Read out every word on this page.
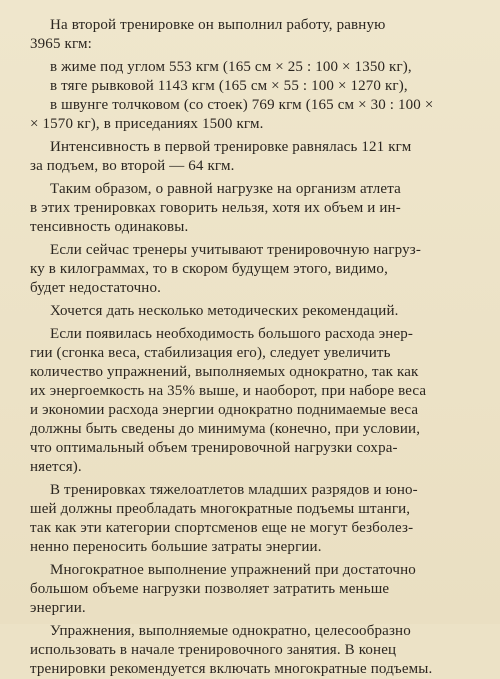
На второй тренировке он выполнил работу, равную
3965 кгм:

в жиме под углом 553 кгм (165 см × 25 : 100 × 1350 кг),
в тяге рывковой 1143 кгм (165 см × 55 : 100 × 1270 кг),
в швунге толчковом (со стоек) 769 кгм (165 см × 30 : 100 ×
× 1570 кг), в приседаниях 1500 кгм.

Интенсивность в первой тренировке равнялась 121 кгм
за подъем, во второй — 64 кгм.

Таким образом, о равной нагрузке на организм атлета
в этих тренировках говорить нельзя, хотя их объем и ин-
тенсивность одинаковы.

Если сейчас тренеры учитывают тренировочную нагруз-
ку в килограммах, то в скором будущем этого, видимо,
будет недостаточно.

Хочется дать несколько методических рекомендаций.

Если появилась необходимость большого расхода энер-
гии (сгонка веса, стабилизация его), следует увеличить
количество упражнений, выполняемых однократно, так как
их энергоемкость на 35% выше, и наоборот, при наборе веса
и экономии расхода энергии однократно поднимаемые веса
должны быть сведены до минимума (конечно, при условии,
что оптимальный объем тренировочной нагрузки сохра-
няется).

В тренировках тяжелоатлетов младших разрядов и юно-
шей должны преобладать многократные подъемы штанги,
так как эти категории спортсменов еще не могут безболез-
ненно переносить большие затраты энергии.

Многократное выполнение упражнений при достаточно
большом объеме нагрузки позволяет затратить меньше
энергии.

Упражнения, выполняемые однократно, целесообразно
использовать в начале тренировочного занятия. В конец
тренировки рекомендуется включать многократные подъемы.
